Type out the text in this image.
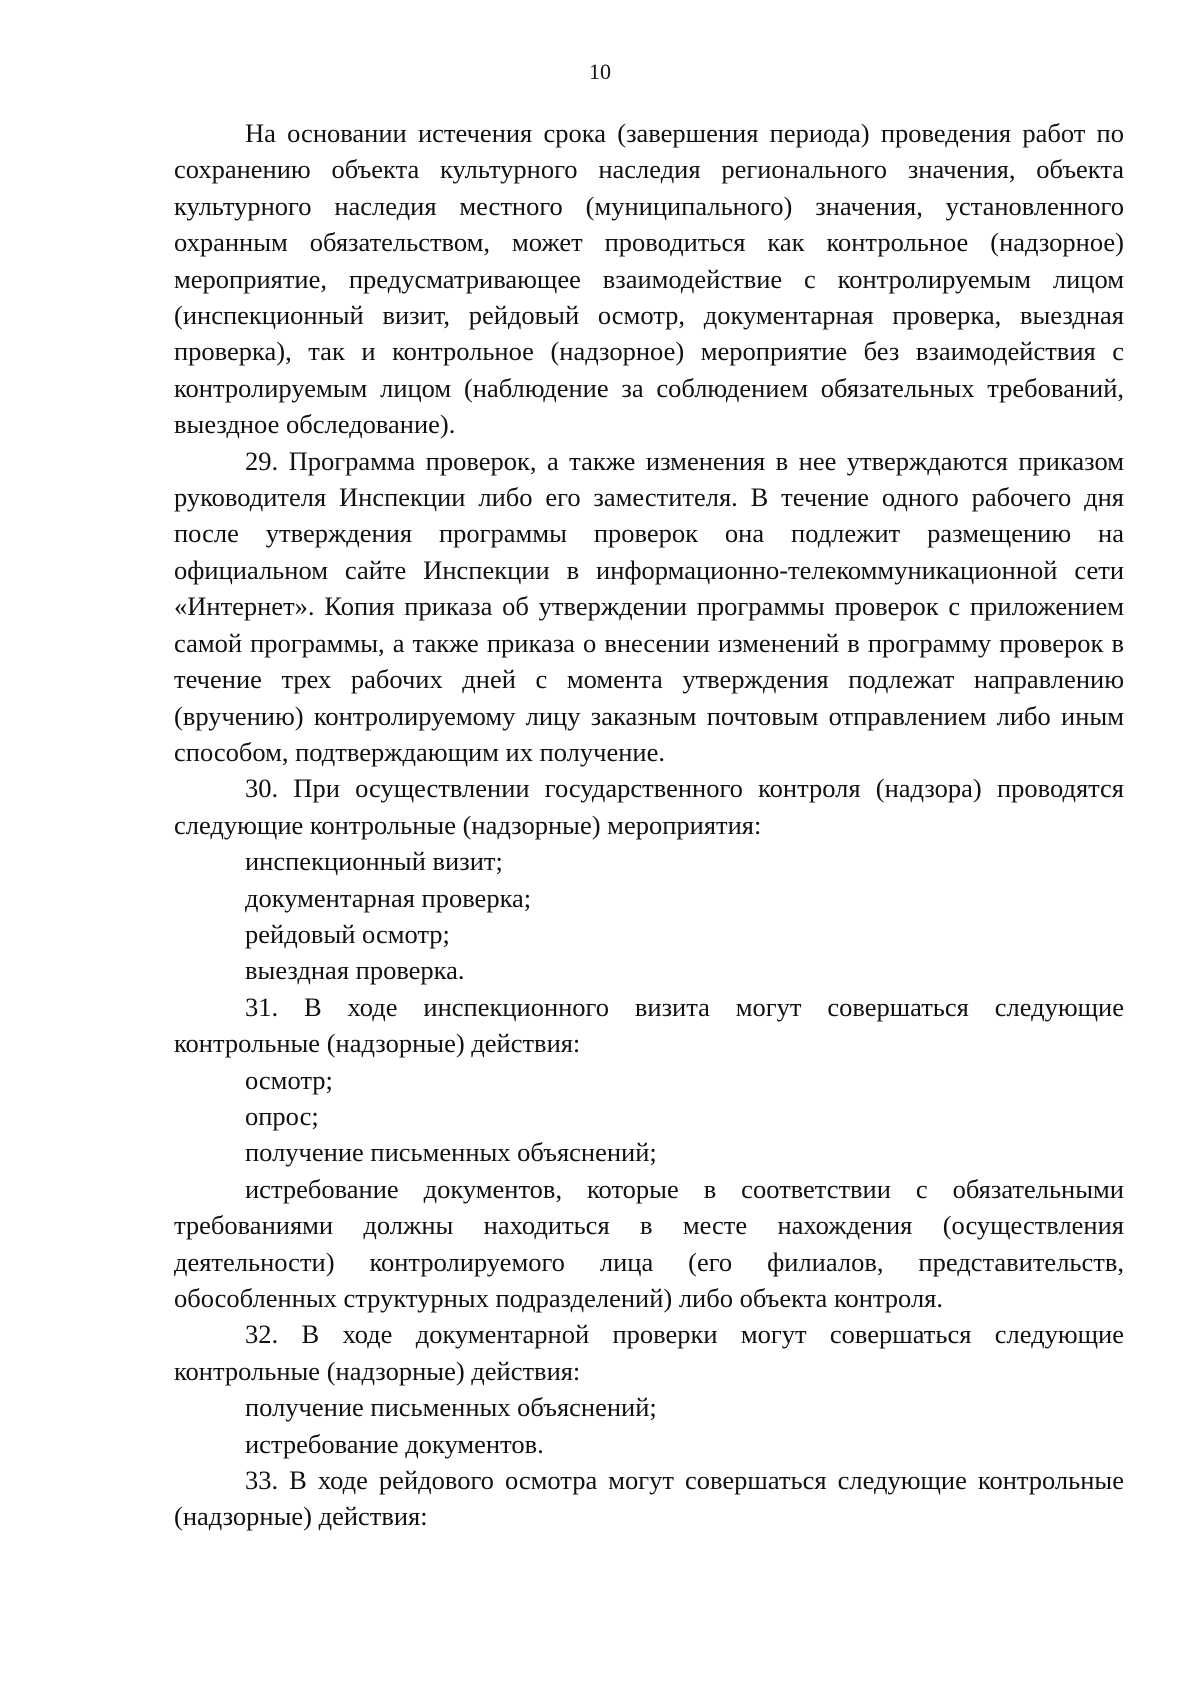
10

На основании истечения срока (завершения периода) проведения работ по сохранению объекта культурного наследия регионального значения, объекта культурного наследия местного (муниципального) значения, установленного охранным обязательством, может проводиться как контрольное (надзорное) мероприятие, предусматривающее взаимодействие с контролируемым лицом (инспекционный визит, рейдовый осмотр, документарная проверка, выездная проверка), так и контрольное (надзорное) мероприятие без взаимодействия с контролируемым лицом (наблюдение за соблюдением обязательных требований, выездное обследование).

29. Программа проверок, а также изменения в нее утверждаются приказом руководителя Инспекции либо его заместителя. В течение одного рабочего дня после утверждения программы проверок она подлежит размещению на официальном сайте Инспекции в информационно-телекоммуникационной сети «Интернет». Копия приказа об утверждении программы проверок с приложением самой программы, а также приказа о внесении изменений в программу проверок в течение трех рабочих дней с момента утверждения подлежат направлению (вручению) контролируемому лицу заказным почтовым отправлением либо иным способом, подтверждающим их получение.

30. При осуществлении государственного контроля (надзора) проводятся следующие контрольные (надзорные) мероприятия:

инспекционный визит;

документарная проверка;

рейдовый осмотр;

выездная проверка.

31. В ходе инспекционного визита могут совершаться следующие контрольные (надзорные) действия:

осмотр;

опрос;

получение письменных объяснений;

истребование документов, которые в соответствии с обязательными требованиями должны находиться в месте нахождения (осуществления деятельности) контролируемого лица (его филиалов, представительств, обособленных структурных подразделений) либо объекта контроля.

32. В ходе документарной проверки могут совершаться следующие контрольные (надзорные) действия:

получение письменных объяснений;

истребование документов.

33. В ходе рейдового осмотра могут совершаться следующие контрольные (надзорные) действия:
